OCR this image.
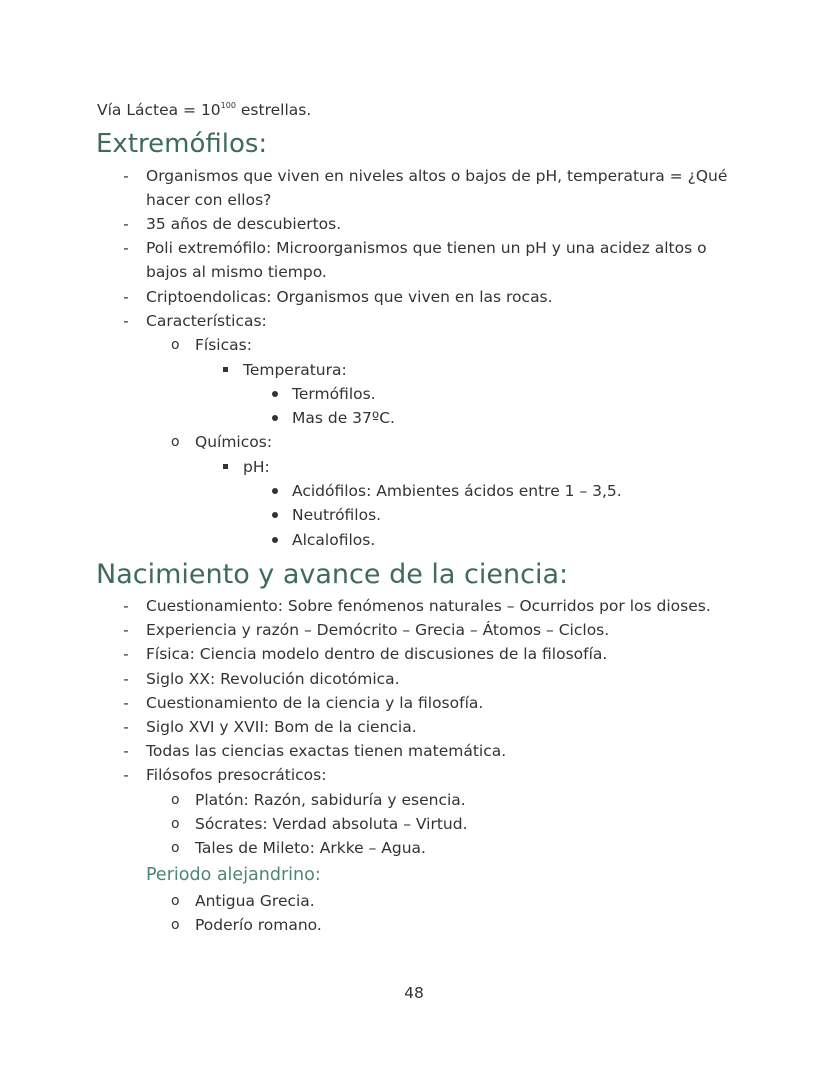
Vía Láctea = $10^{100}$ estrellas.

Extremófilos:
- Organismos que viven en niveles altos o bajos de pH, temperatura = ¿Qué

hacer con ellos?

- 35 años de descubiertos.

- Poli extremófilo: Microorganismos que tienen un pH y una acidez altos o

bajos al mismo tiempo.

- Criptoendolicas: Organismos que viven en las rocas.

- Características:

o Físicas:

Temperatura:

Termófilos.

Mas de 37ºC.

o Químicos:

pH:

Acidófilos: Ambientes ácidos entre 1 – 3,5.

Neutrófilos.

Alcalofilos.

Nacimiento y avance de la ciencia:
- Cuestionamiento: Sobre fenómenos naturales – Ocurridos por los dioses.

- Experiencia y razón – Demócrito – Grecia – Átomos – Ciclos.

- Física: Ciencia modelo dentro de discusiones de la filosofía.

- Siglo XX: Revolución dicotómica.

- Cuestionamiento de la ciencia y la filosofía.

- Siglo XVI y XVII: Bom de la ciencia.

- Todas las ciencias exactas tienen matemática.

- Filósofos presocráticos:

o Platón: Razón, sabiduría y esencia.

o Sócrates: Verdad absoluta – Virtud.

o Tales de Mileto: Arkke – Agua.

Periodo alejandrino:
o Antigua Grecia.

o Poderío romano.

48
